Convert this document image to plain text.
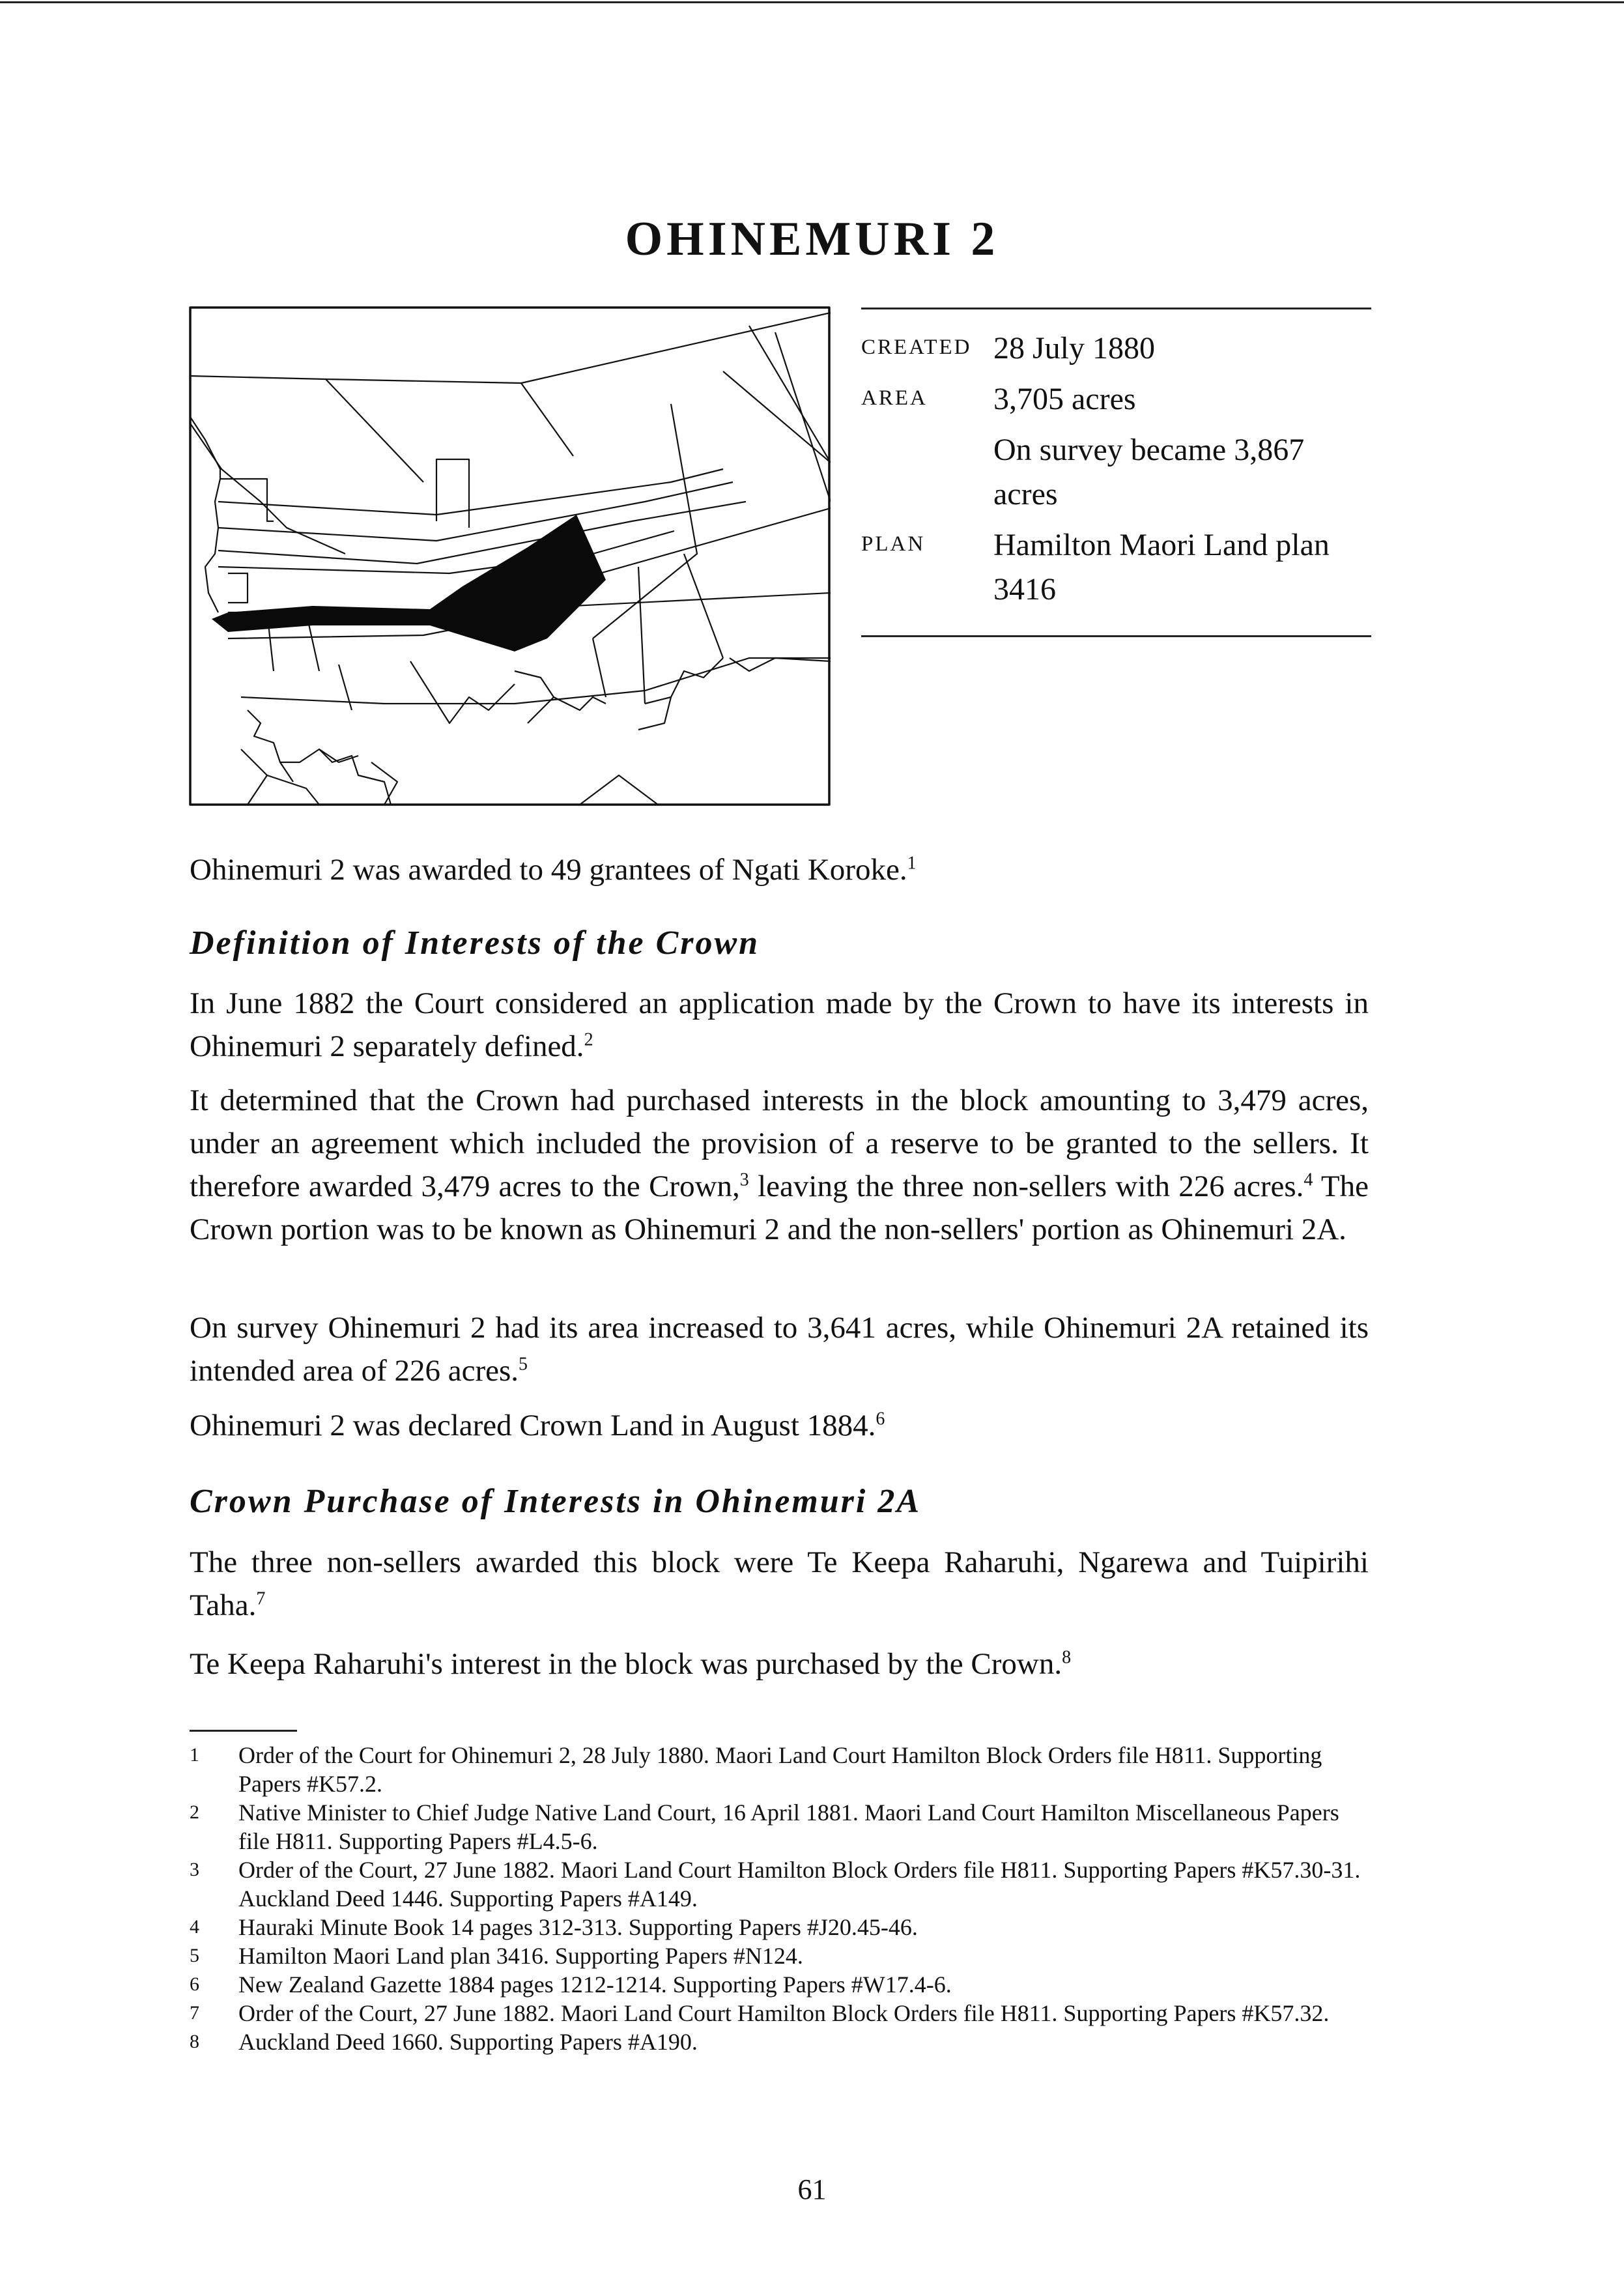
OHINEMURI 2
CREATED 28 July 1880
AREA	3,705 acres
On survey became 3,867 acres
PLAN	Hamilton Maori Land plan
3416

Ohinemuri 2 was awarded to 49 grantees of Ngati Koroke.$^1$

Definition of Interests of the Crown

In June 1882 the Court considered an application made by the Crown to have its interests in Ohinemuri 2 separately defined.$^2$

It determined that the Crown had purchased interests in the block amounting to 3,479 acres, under an agreement which included the provision of a reserve to be granted to the sellers. It therefore awarded 3,479 acres to the Crown,$^3$ leaving the three non-sellers with 226 acres.$^4$ The Crown portion was to be known as Ohinemuri 2 and the non-sellers' portion as Ohinemuri 2A.

On survey Ohinemuri 2 had its area increased to 3,641 acres, while Ohinemuri 2A retained its intended area of 226 acres.$^5$

Ohinemuri 2 was declared Crown Land in August 1884.$^6$

Crown Purchase of Interests in Ohinemuri 2A

The three non-sellers awarded this block were Te Keepa Raharuhi, Ngarewa and Tuipirihi Taha.$^7$

Te Keepa Raharuhi's interest in the block was purchased by the Crown.$^8$

1	Order of the Court for Ohinemuri 2, 28 July 1880. Maori Land Court Hamilton Block Orders file H811. Supporting Papers #K57.2.
2	Native Minister to Chief Judge Native Land Court, 16 April 1881. Maori Land Court Hamilton Miscellaneous Papers file H811. Supporting Papers #L4.5-6.
3	Order of the Court, 27 June 1882. Maori Land Court Hamilton Block Orders file H811. Supporting Papers #K57.30-31. Auckland Deed 1446. Supporting Papers #A149.
4	Hauraki Minute Book 14 pages 312-313. Supporting Papers #J20.45-46.
5	Hamilton Maori Land plan 3416. Supporting Papers #N124.
6	New Zealand Gazette 1884 pages 1212-1214. Supporting Papers #W17.4-6.
7	Order of the Court, 27 June 1882. Maori Land Court Hamilton Block Orders file H811. Supporting Papers #K57.32.
8	Auckland Deed 1660. Supporting Papers #A190.
61
